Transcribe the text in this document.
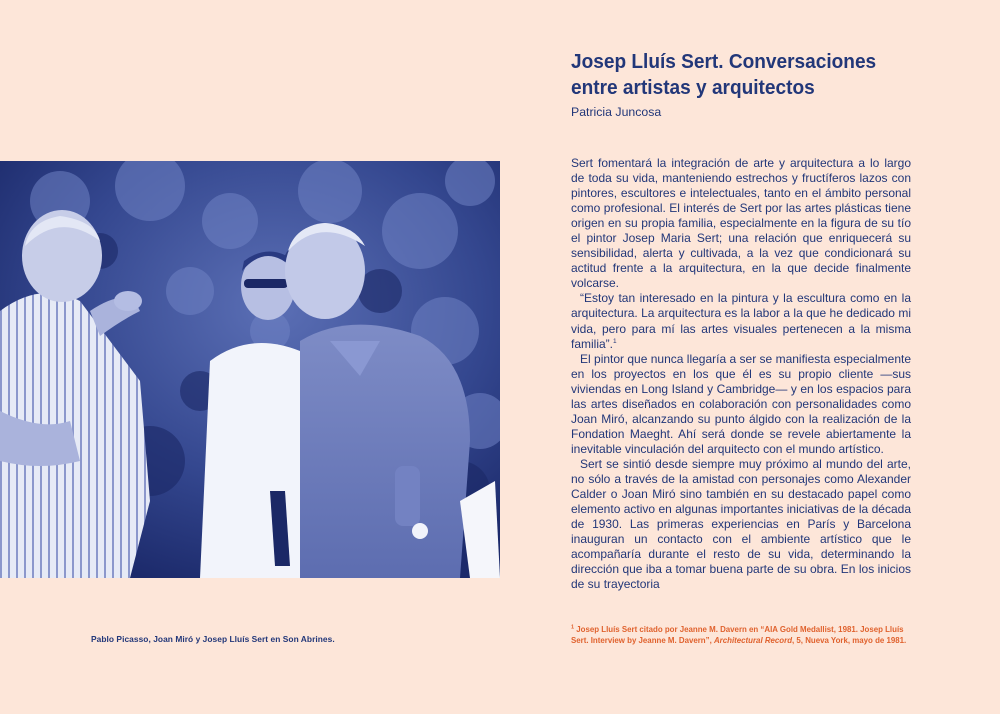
Pablo Picasso, Joan Miró y Josep Lluís Sert en Son Abrines.

Josep Lluís Sert. Conversaciones entre artistas y arquitectos

Patricia Juncosa

Sert fomentará la integración de arte y arquitectura a lo largo de toda su vida, manteniendo estrechos y fructíferos lazos con pintores, escultores e intelectuales, tanto en el ámbito personal como profesional. El interés de Sert por las artes plásticas tiene origen en su propia familia, especialmente en la figura de su tío el pintor Josep Maria Sert; una relación que enriquecerá su sensibilidad, alerta y cultivada, a la vez que condicionará su actitud frente a la arquitectura, en la que decide finalmente volcarse.

“Estoy tan interesado en la pintura y la escultura como en la arquitectura. La arquitectura es la labor a la que he dedicado mi vida, pero para mí las artes visuales pertenecen a la misma familia”.$^1$

El pintor que nunca llegaría a ser se manifiesta especialmente en los proyectos en los que él es su propio cliente —sus viviendas en Long Island y Cambridge— y en los espacios para las artes diseñados en colaboración con personalidades como Joan Miró, alcanzando su punto álgido con la realización de la Fondation Maeght. Ahí será donde se revele abiertamente la inevitable vinculación del arquitecto con el mundo artístico.

Sert se sintió desde siempre muy próximo al mundo del arte, no sólo a través de la amistad con personajes como Alexander Calder o Joan Miró sino también en su destacado papel como elemento activo en algunas importantes iniciativas de la década de 1930. Las primeras experiencias en París y Barcelona inauguran un contacto con el ambiente artístico que le acompañaría durante el resto de su vida, determinando la dirección que iba a tomar buena parte de su obra. En los inicios de su trayectoria

$^1$ Josep Lluís Sert citado por Jeanne M. Davern en “AIA Gold Medallist, 1981. Josep Lluís Sert. Interview by Jeanne M. Davern”, Architectural Record, 5, Nueva York, mayo de 1981.
